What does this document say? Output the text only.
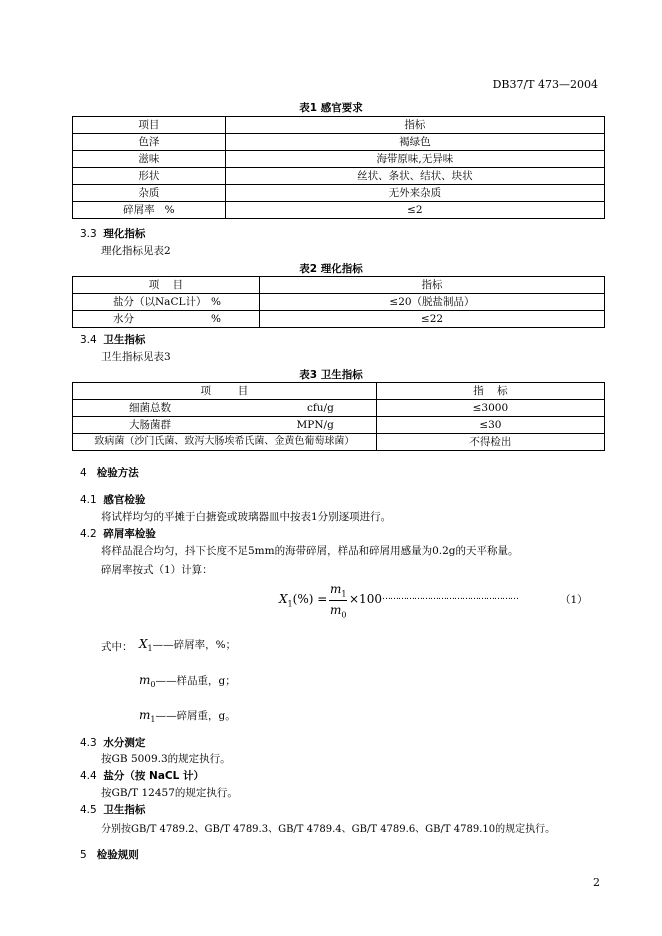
DB37/T 473—2004
表1 感官要求
项目	指标
色泽	褐绿色
滋味	海带原味,无异味
形状	丝状、条状、结状、块状
杂质	无外来杂质
碎屑率   %	≤2
3.3 理化指标
理化指标见表2
表2 理化指标
项    目	指标

盐分（以NaCL计） %	≤20（脱盐制品）

水分 %	≤22
3.4 卫生指标
卫生指标见表3
表3 卫生指标
项        目	指    标

细菌总数 cfu/g	≤3000

大肠菌群 MPN/g	≤30
致病菌（沙门氏菌、致泻大肠埃希氏菌、金黄色葡萄球菌）	不得检出
4 检验方法
4.1 感官检验
将试样均匀的平摊于白搪瓷或玻璃器皿中按表1分别逐项进行。
4.2 碎屑率检验
将样品混合均匀，抖下长度不足5mm的海带碎屑，样品和碎屑用感量为0.2g的天平称量。
碎屑率按式（1）计算：
$X_1(\%)$ =
$m_1$
$m_0$
×100 ……………………………………………	（1）
式中： $X_1——$碎屑率，%；
$m_0——$样品重，g；
$m_1——$碎屑重，g。
4.3 水分测定
按GB 5009.3的规定执行。
4.4 盐分（按 NaCL 计）
按GB/T 12457的规定执行。
4.5 卫生指标
分别按GB/T 4789.2、GB/T 4789.3、GB/T 4789.4、GB/T 4789.6、GB/T 4789.10的规定执行。
5 检验规则
2
